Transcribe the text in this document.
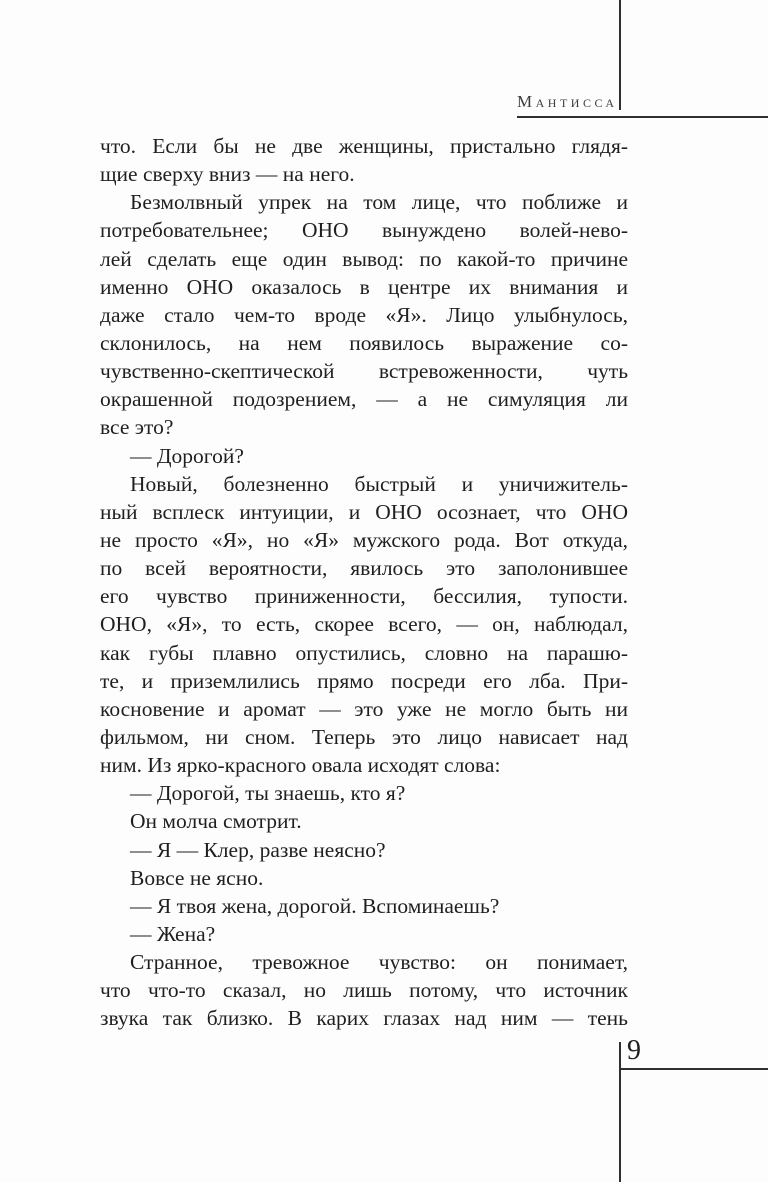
Мантисса
что. Если бы не две женщины, пристально глядя-
щие сверху вниз — на него.
Безмолвный упрек на том лице, что поближе и
потребовательнее; ОНО вынуждено волей-нево-
лей сделать еще один вывод: по какой-то причине
именно ОНО оказалось в центре их внимания и
даже стало чем-то вроде «Я». Лицо улыбнулось,
склонилось, на нем появилось выражение со-
чувственно-скептической встревоженности, чуть
окрашенной подозрением, — а не симуляция ли
все это?
— Дорогой?
Новый, болезненно быстрый и уничижитель-
ный всплеск интуиции, и ОНО осознает, что ОНО
не просто «Я», но «Я» мужского рода. Вот откуда,
по всей вероятности, явилось это заполонившее
его чувство приниженности, бессилия, тупости.
ОНО, «Я», то есть, скорее всего, — он, наблюдал,
как губы плавно опустились, словно на парашю-
те, и приземлились прямо посреди его лба. При-
косновение и аромат — это уже не могло быть ни
фильмом, ни сном. Теперь это лицо нависает над
ним. Из ярко-красного овала исходят слова:
— Дорогой, ты знаешь, кто я?
Он молча смотрит.
— Я — Клер, разве неясно?
Вовсе не ясно.
— Я твоя жена, дорогой. Вспоминаешь?
— Жена?
Странное, тревожное чувство: он понимает,
что что-то сказал, но лишь потому, что источник
звука так близко. В карих глазах над ним — тень
9
